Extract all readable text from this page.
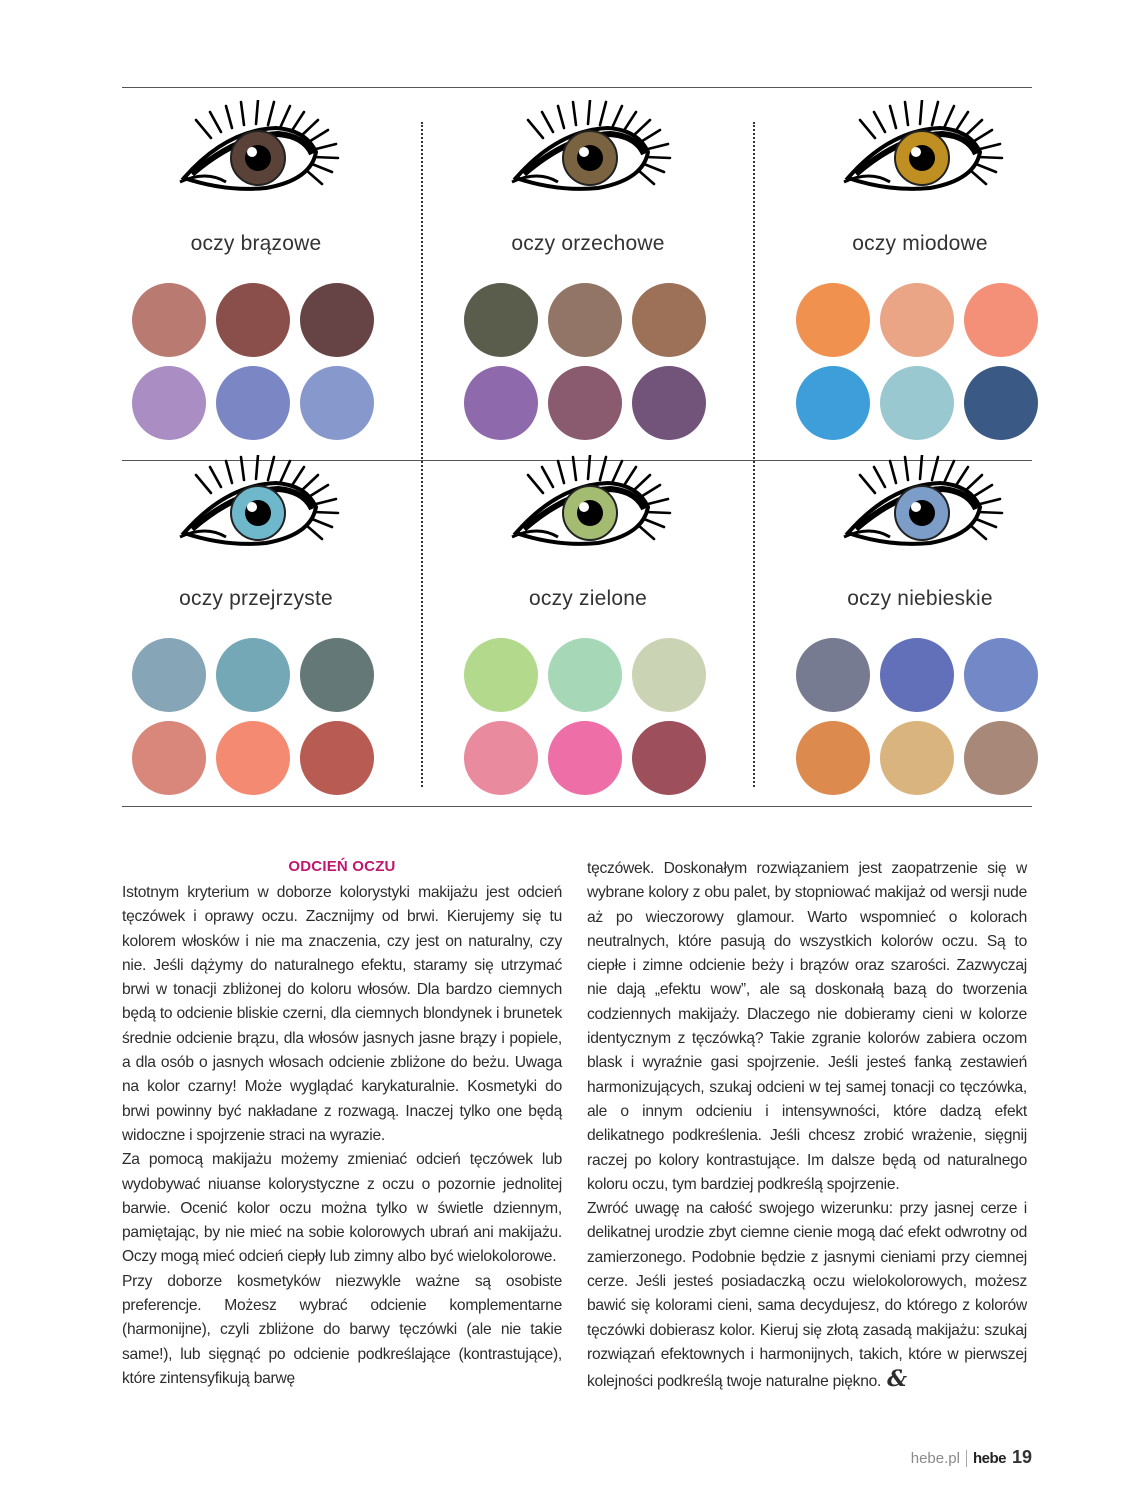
oczy brązowe	oczy orzechowe	oczy miodowe
oczy przejrzyste	oczy zielone	oczy niebieskie
ODCIEŃ OCZU

Istotnym kryterium w doborze kolorystyki makijażu jest odcień tęczówek i oprawy oczu. Zacznijmy od brwi. Kierujemy się tu kolorem włosków i nie ma znaczenia, czy jest on naturalny, czy nie. Jeśli dążymy do naturalnego efektu, staramy się utrzymać brwi w tonacji zbliżonej do koloru włosów. Dla bardzo ciemnych będą to odcienie bliskie czerni, dla ciemnych blondynek i brunetek średnie odcienie brązu, dla włosów jasnych jasne brązy i popiele, a dla osób o jasnych włosach odcienie zbliżone do beżu. Uwaga na kolor czarny! Może wyglądać karykaturalnie. Kosmetyki do brwi powinny być nakładane z rozwagą. Inaczej tylko one będą widoczne i spojrzenie straci na wyrazie.

Za pomocą makijażu możemy zmieniać odcień tęczówek lub wydobywać niuanse kolorystyczne z oczu o pozornie jednolitej barwie. Ocenić kolor oczu można tylko w świetle dziennym, pamiętając, by nie mieć na sobie kolorowych ubrań ani makijażu. Oczy mogą mieć odcień ciepły lub zimny albo być wielokolorowe.

Przy doborze kosmetyków niezwykle ważne są osobiste preferencje. Możesz wybrać odcienie komplementarne (harmonijne), czyli zbliżone do barwy tęczówki (ale nie takie same!), lub sięgnąć po odcienie podkreślające (kontrastujące), które zintensyfikują barwę

tęczówek. Doskonałym rozwiązaniem jest zaopatrzenie się w wybrane kolory z obu palet, by stopniować makijaż od wersji nude aż po wieczorowy glamour. Warto wspomnieć o kolorach neutralnych, które pasują do wszystkich kolorów oczu. Są to ciepłe i zimne odcienie beży i brązów oraz szarości. Zazwyczaj nie dają „efektu wow”, ale są doskonałą bazą do tworzenia codziennych makijaży. Dlaczego nie dobieramy cieni w kolorze identycznym z tęczówką? Takie zgranie kolorów zabiera oczom blask i wyraźnie gasi spojrzenie. Jeśli jesteś fanką zestawień harmonizujących, szukaj odcieni w tej samej tonacji co tęczówka, ale o innym odcieniu i intensywności, które dadzą efekt delikatnego podkreślenia. Jeśli chcesz zrobić wrażenie, sięgnij raczej po kolory kontrastujące. Im dalsze będą od naturalnego koloru oczu, tym bardziej podkreślą spojrzenie.

Zwróć uwagę na całość swojego wizerunku: przy jasnej cerze i delikatnej urodzie zbyt ciemne cienie mogą dać efekt odwrotny od zamierzonego. Podobnie będzie z jasnymi cieniami przy ciemnej cerze. Jeśli jesteś posiadaczką oczu wielokolorowych, możesz bawić się kolorami cieni, sama decydujesz, do którego z kolorów tęczówki dobierasz kolor. Kieruj się złotą zasadą makijażu: szukaj rozwiązań efektownych i harmonijnych, takich, które w pierwszej kolejności podkreślą twoje naturalne piękno. &

hebe.pl hebe 19
